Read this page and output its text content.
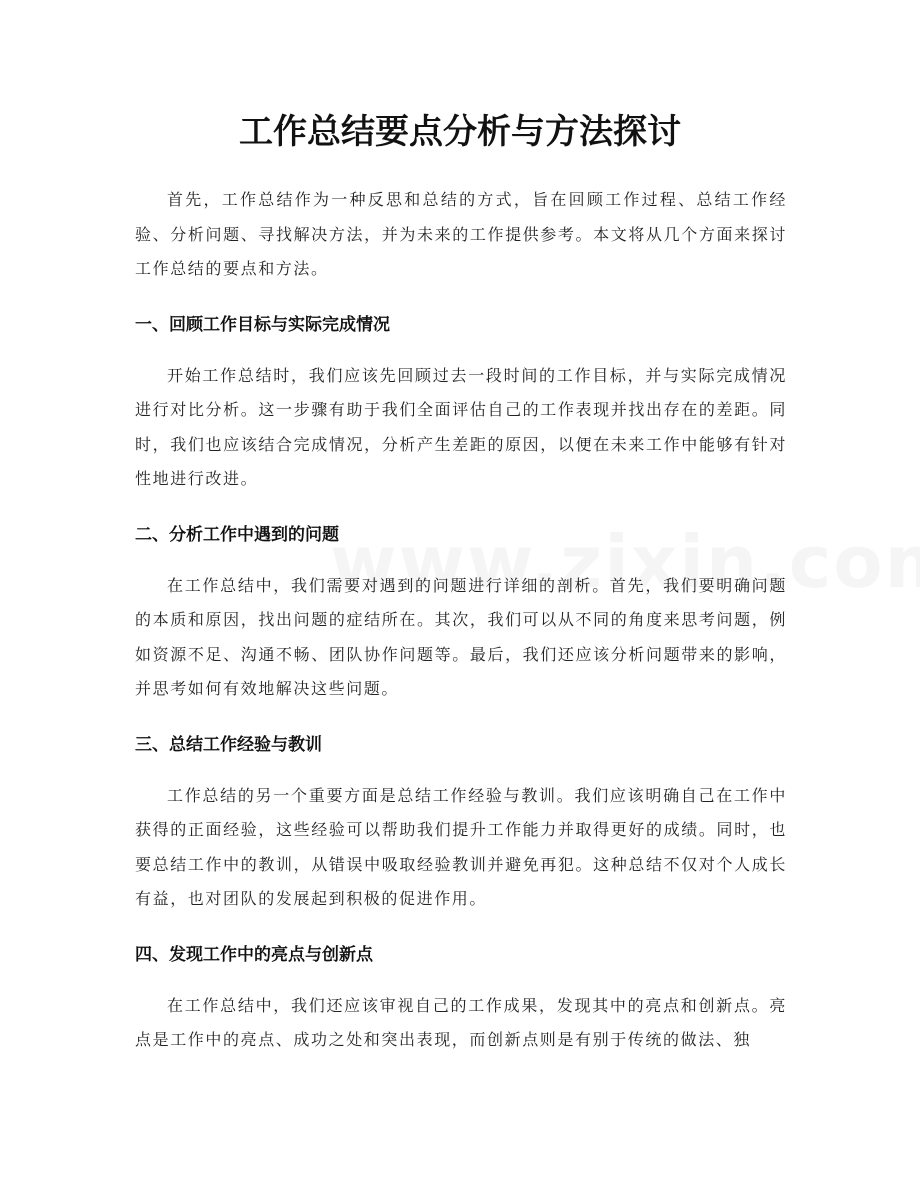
工作总结要点分析与方法探讨

首先，工作总结作为一种反思和总结的方式，旨在回顾工作过程、总结工作经验、分析问题、寻找解决方法，并为未来的工作提供参考。本文将从几个方面来探讨工作总结的要点和方法。

一、回顾工作目标与实际完成情况

开始工作总结时，我们应该先回顾过去一段时间的工作目标，并与实际完成情况进行对比分析。这一步骤有助于我们全面评估自己的工作表现并找出存在的差距。同时，我们也应该结合完成情况，分析产生差距的原因，以便在未来工作中能够有针对性地进行改进。

二、分析工作中遇到的问题

在工作总结中，我们需要对遇到的问题进行详细的剖析。首先，我们要明确问题的本质和原因，找出问题的症结所在。其次，我们可以从不同的角度来思考问题，例如资源不足、沟通不畅、团队协作问题等。最后，我们还应该分析问题带来的影响，并思考如何有效地解决这些问题。

三、总结工作经验与教训

工作总结的另一个重要方面是总结工作经验与教训。我们应该明确自己在工作中获得的正面经验，这些经验可以帮助我们提升工作能力并取得更好的成绩。同时，也要总结工作中的教训，从错误中吸取经验教训并避免再犯。这种总结不仅对个人成长有益，也对团队的发展起到积极的促进作用。

四、发现工作中的亮点与创新点

在工作总结中，我们还应该审视自己的工作成果，发现其中的亮点和创新点。亮点是工作中的亮点、成功之处和突出表现，而创新点则是有别于传统的做法、独
